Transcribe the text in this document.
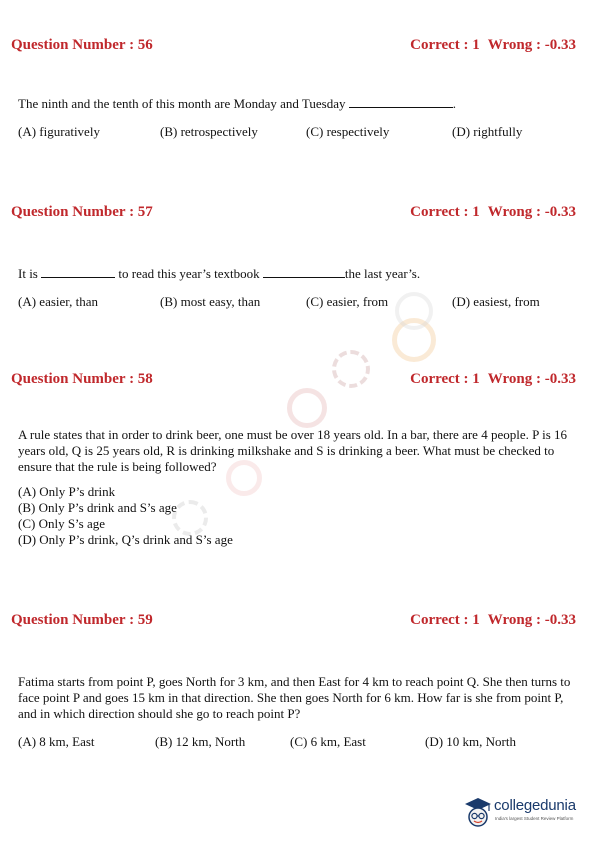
Question Number : 56	Correct : 1 Wrong : -0.33
The ninth and the tenth of this month are Monday and Tuesday	.
(A) figuratively	(B) retrospectively	(C) respectively	(D) rightfully
Question Number : 57	Correct : 1 Wrong : -0.33
It is	to read this year’s textbook	the last year’s.
(A) easier, than	(B) most easy, than	(C) easier, from	(D) easiest, from
Question Number : 58	Correct : 1 Wrong : -0.33
A rule states that in order to drink beer, one must be over 18 years old. In a bar, there are 4 people. P is 16 years old, Q is 25 years old, R is drinking milkshake and S is drinking a beer. What must be checked to ensure that the rule is being followed?
(A) Only P’s drink
(B) Only P’s drink and S’s age
(C) Only S’s age
(D) Only P’s drink, Q’s drink and S’s age
Question Number : 59	Correct : 1 Wrong : -0.33
Fatima starts from point P, goes North for 3 km, and then East for 4 km to reach point Q. She then turns to face point P and goes 15 km in that direction. She then goes North for 6 km. How far is she from point P, and in which direction should she go to reach point P?
(A) 8 km, East	(B) 12 km, North	(C) 6 km, East	(D) 10 km, North
collegedunia
India's largest Student Review Platform
